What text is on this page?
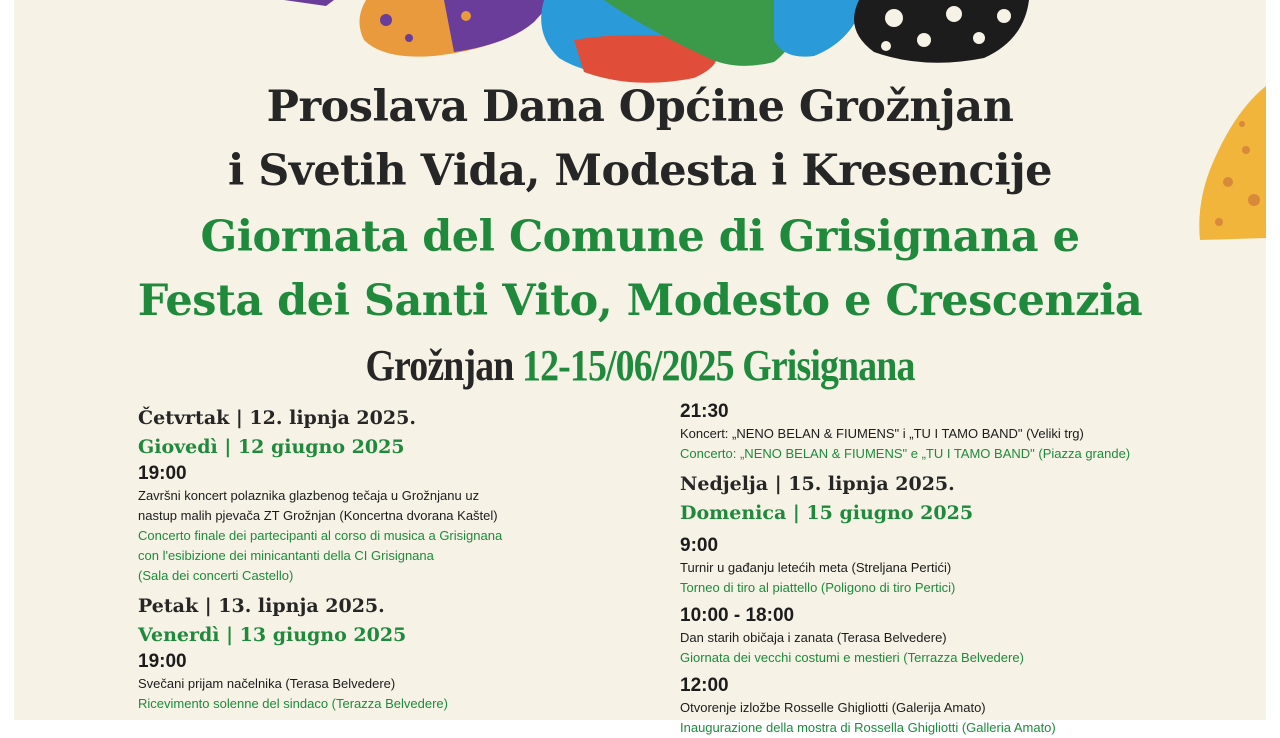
Proslava Dana Općine Grožnjan
i Svetih Vida, Modesta i Kresencije
Giornata del Comune di Grisignana e
Festa dei Santi Vito, Modesto e Crescenzia
Grožnjan 12-15/06/2025 Grisignana
Četvrtak | 12. lipnja 2025.
Giovedì | 12 giugno 2025
19:00
Završni koncert polaznika glazbenog tečaja u Grožnjanu uz
nastup malih pjevača ZT Grožnjan (Koncertna dvorana Kaštel)
Concerto finale dei partecipanti al corso di musica a Grisignana
con l'esibizione dei minicantanti della CI Grisignana
(Sala dei concerti Castello)
Petak | 13. lipnja 2025.
Venerdì | 13 giugno 2025
19:00
Svečani prijam načelnika (Terasa Belvedere)
Ricevimento solenne del sindaco (Terazza Belvedere)
21:30
Koncert: „NENO BELAN & FIUMENS" i „TU I TAMO BAND" (Veliki trg)
Concerto: „NENO BELAN & FIUMENS" e „TU I TAMO BAND" (Piazza grande)
Nedjelja | 15. lipnja 2025.
Domenica | 15 giugno 2025
9:00
Turnir u gađanju letećih meta (Streljana Pertići)
Torneo di tiro al piattello (Poligono di tiro Pertici)
10:00 - 18:00
Dan starih običaja i zanata (Terasa Belvedere)
Giornata dei vecchi costumi e mestieri (Terrazza Belvedere)
12:00
Otvorenje izložbe Rosselle Ghigliotti (Galerija Amato)
Inaugurazione della mostra di Rossella Ghigliotti (Galleria Amato)
